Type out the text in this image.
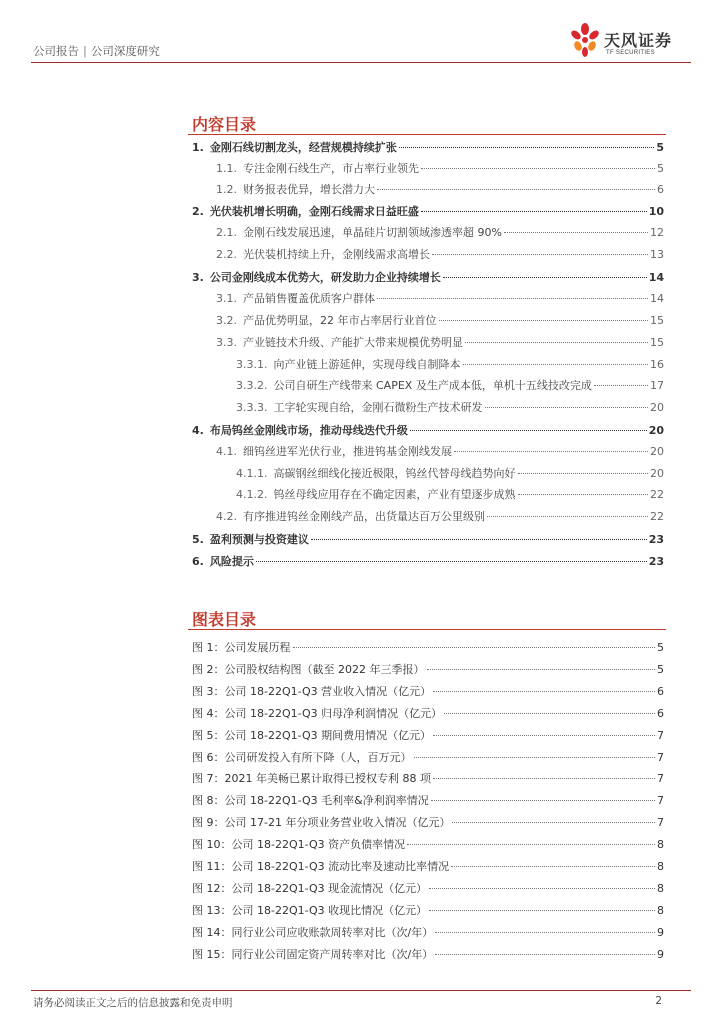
公司报告 | 公司深度研究
天风证券
TF SECURITIES
内容目录
1. 金刚石线切割龙头，经营规模持续扩张	5
1.1. 专注金刚石线生产，市占率行业领先	5
1.2. 财务报表优异，增长潜力大	6
2. 光伏装机增长明确，金刚石线需求日益旺盛	10
2.1. 金刚石线发展迅速，单晶硅片切割领域渗透率超 90%	12
2.2. 光伏装机持续上升，金刚线需求高增长	13
3. 公司金刚线成本优势大，研发助力企业持续增长	14
3.1. 产品销售覆盖优质客户群体	14
3.2. 产品优势明显，22 年市占率居行业首位	15
3.3. 产业链技术升级、产能扩大带来规模优势明显	15
3.3.1. 向产业链上游延伸，实现母线自制降本	16
3.3.2. 公司自研生产线带来 CAPEX 及生产成本低，单机十五线技改完成	17
3.3.3. 工字轮实现自给，金刚石微粉生产技术研发	20
4. 布局钨丝金刚线市场，推动母线迭代升级	20
4.1. 细钨丝进军光伏行业，推进钨基金刚线发展	20
4.1.1. 高碳钢丝细线化接近极限，钨丝代替母线趋势向好	20
4.1.2. 钨丝母线应用存在不确定因素，产业有望逐步成熟	22
4.2. 有序推进钨丝金刚线产品，出货量达百万公里级别	22
5. 盈利预测与投资建议	23
6. 风险提示	23
图表目录
图 1： 公司发展历程	5
图 2： 公司股权结构图（截至 2022 年三季报）	5
图 3： 公司 18-22Q1-Q3 营业收入情况（亿元）	6
图 4： 公司 18-22Q1-Q3 归母净利润情况（亿元）	6
图 5： 公司 18-22Q1-Q3 期间费用情况（亿元）	7
图 6： 公司研发投入有所下降（人，百万元）	7
图 7： 2021 年美畅已累计取得已授权专利 88 项	7
图 8： 公司 18-22Q1-Q3 毛利率&净利润率情况	7
图 9： 公司 17-21 年分项业务营业收入情况（亿元）	7
图 10： 公司 18-22Q1-Q3 资产负债率情况	8
图 11： 公司 18-22Q1-Q3 流动比率及速动比率情况	8
图 12： 公司 18-22Q1-Q3 现金流情况（亿元）	8
图 13： 公司 18-22Q1-Q3 收现比情况（亿元）	8
图 14： 同行业公司应收账款周转率对比（次/年）	9
图 15： 同行业公司固定资产周转率对比（次/年）	9
请务必阅读正文之后的信息披露和免责申明	2
